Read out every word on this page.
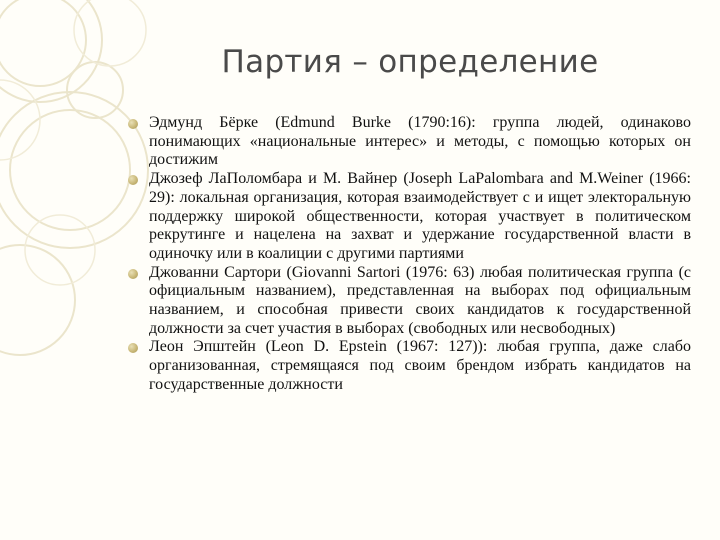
Партия – определение
Эдмунд Бёрке (Edmund Burke (1790:16): группа людей, одинаково понимающих «национальные интерес» и методы, с помощью которых он достижим
Джозеф ЛаПоломбара и М. Вайнер (Joseph LaPalombara and M.Weiner (1966: 29): локальная организация, которая взаимодействует с и ищет электоральную поддержку широкой общественности, которая участвует в политическом рекрутинге и нацелена на захват и удержание государственной власти в одиночку или в коалиции с другими партиями
Джованни Сартори (Giovanni Sartori (1976: 63) любая политическая группа (с официальным названием), представленная на выборах под официальным названием, и способная привести своих кандидатов к государственной должности за счет участия в выборах (свободных или несвободных)
Леон Эпштейн (Leon D. Epstein (1967: 127)): любая группа, даже слабо организованная, стремящаяся под своим брендом избрать кандидатов на государственные должности
